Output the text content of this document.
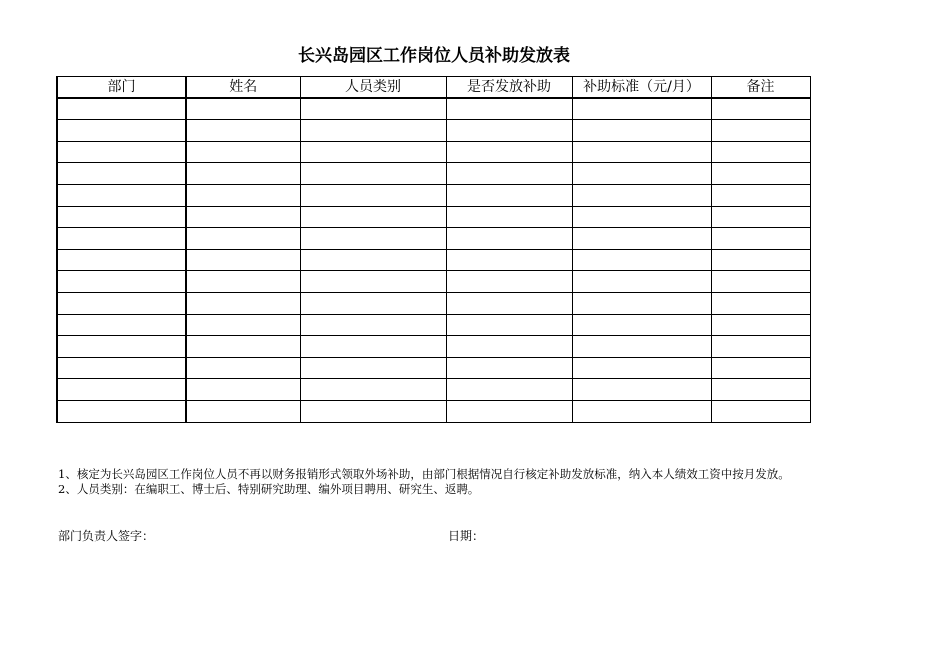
长兴岛园区工作岗位人员补助发放表
部门	姓名	人员类别	是否发放补助	补助标准（元/月）	备注

1、核定为长兴岛园区工作岗位人员不再以财务报销形式领取外场补助，由部门根据情况自行核定补助发放标准，纳入本人绩效工资中按月发放。

2、人员类别：在编职工、博士后、特别研究助理、编外项目聘用、研究生、返聘。

部门负责人签字：	日期：
